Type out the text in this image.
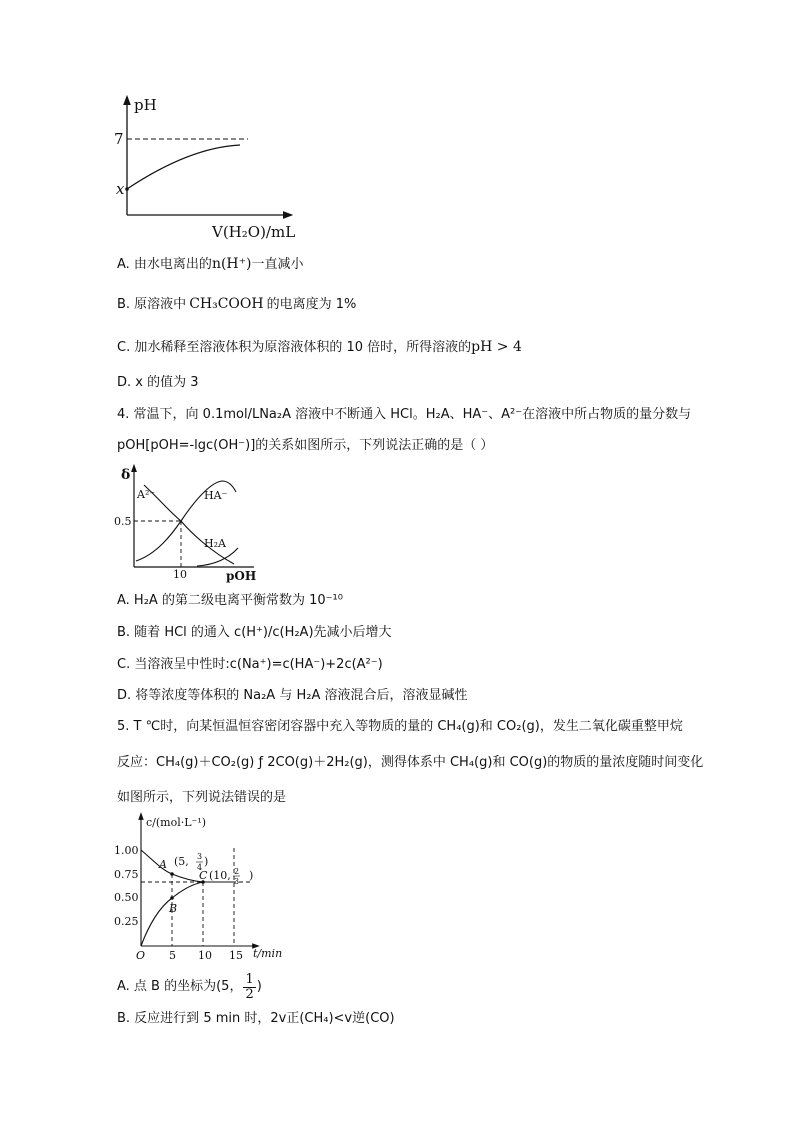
pH
7
x
V(H₂O)/mL
A. 由水电离出的n(H⁺)一直减小
B. 原溶液中 CH₃COOH 的电离度为 1%
C. 加水稀释至溶液体积为原溶液体积的 10 倍时，所得溶液的pH > 4
D. x 的值为 3
4. 常温下，向 0.1mol/LNa₂A 溶液中不断通入 HCl。H₂A、HA⁻、A²⁻在溶液中所占物质的量分数与
pOH[pOH=-lgc(OH⁻)]的关系如图所示，下列说法正确的是（ ）
δ
A²⁻	HA⁻
H₂A
0.5
10	pOH
A. H₂A 的第二级电离平衡常数为 10⁻¹⁰
B. 随着 HCl 的通入 c(H⁺)/c(H₂A)先减小后增大
C. 当溶液呈中性时:c(Na⁺)=c(HA⁻)+2c(A²⁻)
D. 将等浓度等体积的 Na₂A 与 H₂A 溶液混合后，溶液显碱性
5. T ℃时，向某恒温恒容密闭容器中充入等物质的量的 CH₄(g)和 CO₂(g)，发生二氧化碳重整甲烷
反应：CH₄(g)＋CO₂(g) ƒ 2CO(g)＋2H₂(g)，测得体系中 CH₄(g)和 CO(g)的物质的量浓度随时间变化
如图所示，下列说法错误的是
c/(mol·L⁻¹)
1.00
0.75
0.50
0.25
O 5 10 15 t/min
A (5, 3
4 )
B
C (10, 2
3 )
A. 点 B 的坐标为(5， $\frac{1}{2}$ )
B. 反应进行到 5 min 时，2v正(CH₄)<v逆(CO)
